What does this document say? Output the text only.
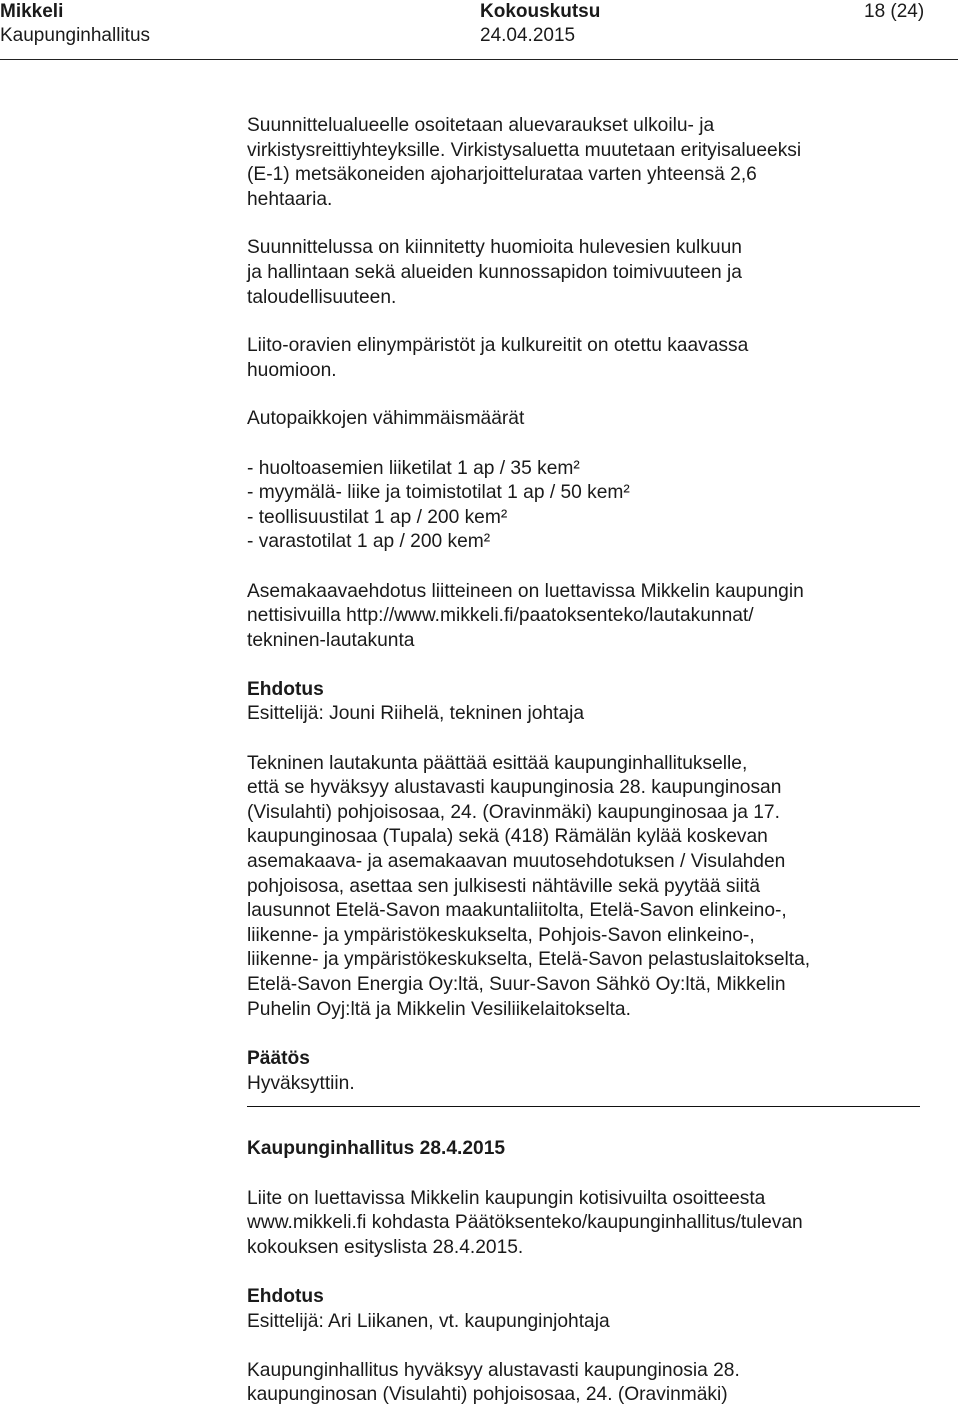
Mikkeli
Kaupunginhallitus
Kokouskutsu
24.04.2015
18 (24)

Suunnittelualueelle osoitetaan aluevaraukset ulkoilu- ja
virkistysreittiyhteyksille. Virkistysaluetta muutetaan erityisalueeksi
(E-1) metsäkoneiden ajoharjoittelurataa varten yhteensä 2,6
hehtaaria.

Suunnittelussa on kiinnitetty huomioita hulevesien kulkuun
ja hallintaan sekä alueiden kunnossapidon toimivuuteen ja
taloudellisuuteen.

Liito-oravien elinympäristöt ja kulkureitit on otettu kaavassa
huomioon.

Autopaikkojen vähimmäismäärät

- huoltoasemien liiketilat 1 ap / 35 kem²
- myymälä- liike ja toimistotilat 1 ap / 50 kem²
- teollisuustilat 1 ap / 200 kem²
- varastotilat 1 ap / 200 kem²

Asemakaavaehdotus liitteineen on luettavissa Mikkelin kaupungin
nettisivuilla http://www.mikkeli.fi/paatoksenteko/lautakunnat/
tekninen-lautakunta

Ehdotus

Esittelijä: Jouni Riihelä, tekninen johtaja

Tekninen lautakunta päättää esittää kaupunginhallitukselle,
että se hyväksyy alustavasti kaupunginosia 28. kaupunginosan
(Visulahti) pohjoisosaa, 24. (Oravinmäki) kaupunginosaa ja 17.
kaupunginosaa (Tupala) sekä (418) Rämälän kylää koskevan
asemakaava- ja asemakaavan muutosehdotuksen / Visulahden
pohjoisosa, asettaa sen julkisesti nähtäville sekä pyytää siitä
lausunnot Etelä-Savon maakuntaliitolta, Etelä-Savon elinkeino-,
liikenne- ja ympäristökeskukselta, Pohjois-Savon elinkeino-,
liikenne- ja ympäristökeskukselta, Etelä-Savon pelastuslaitokselta,
Etelä-Savon Energia Oy:ltä, Suur-Savon Sähkö Oy:ltä, Mikkelin
Puhelin Oyj:ltä ja Mikkelin Vesiliikelaitokselta.

Päätös

Hyväksyttiin.

Kaupunginhallitus 28.4.2015

Liite on luettavissa Mikkelin kaupungin kotisivuilta osoitteesta
www.mikkeli.fi kohdasta Päätöksenteko/kaupunginhallitus/tulevan
kokouksen esityslista 28.4.2015.

Ehdotus

Esittelijä: Ari Liikanen, vt. kaupunginjohtaja

Kaupunginhallitus hyväksyy alustavasti kaupunginosia 28.
kaupunginosan (Visulahti) pohjoisosaa, 24. (Oravinmäki)
